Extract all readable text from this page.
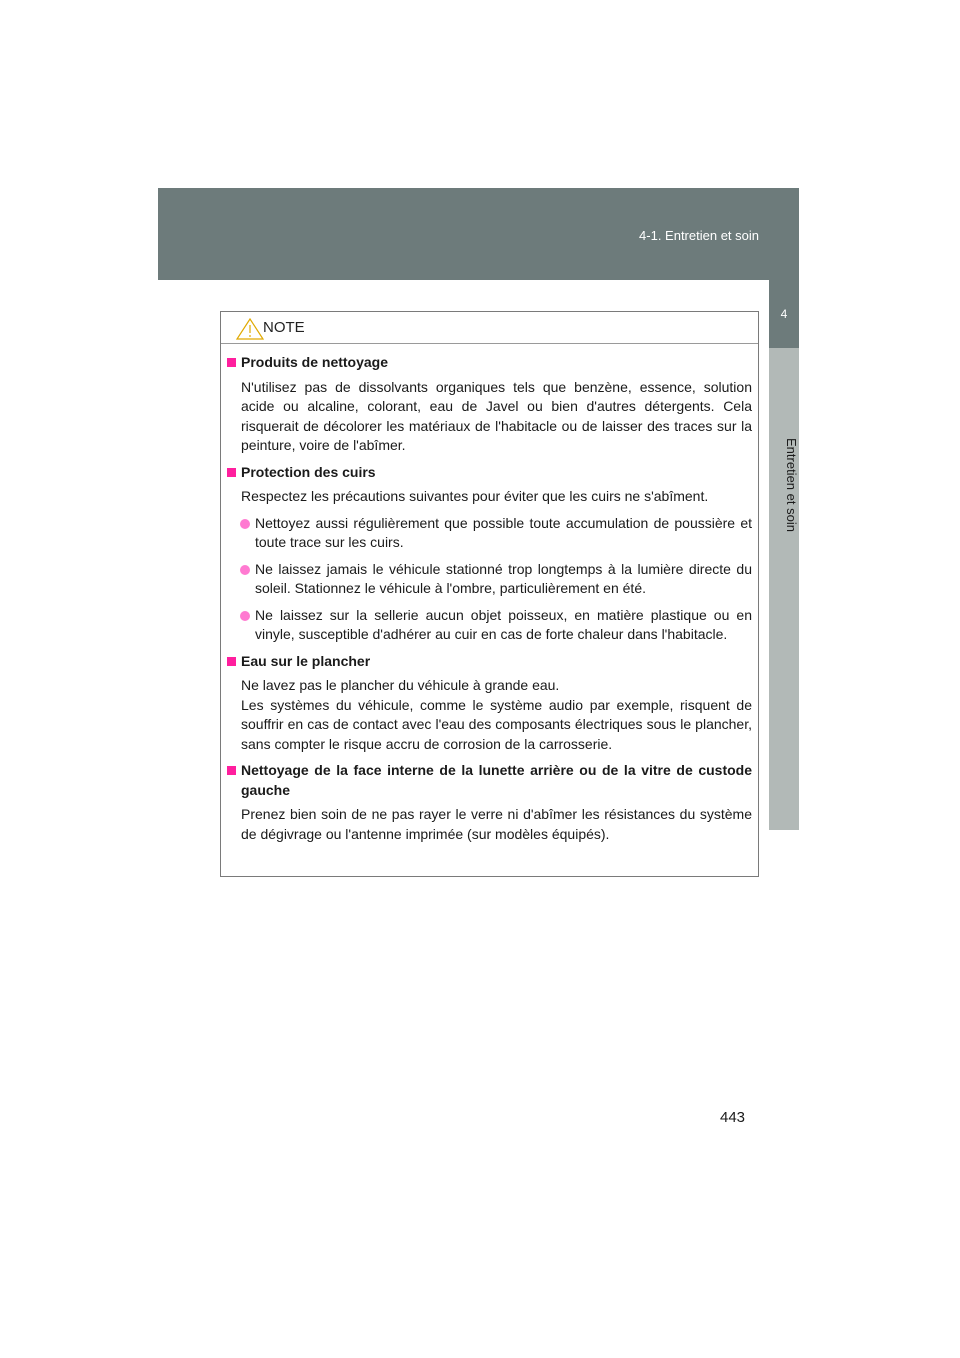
4-1. Entretien et soin
4
Entretien et soin
NOTE
Produits de nettoyage

N'utilisez pas de dissolvants organiques tels que benzène, essence, solution acide ou alcaline, colorant, eau de Javel ou bien d'autres détergents. Cela risquerait de décolorer les matériaux de l'habitacle ou de laisser des traces sur la peinture, voire de l'abîmer.

Protection des cuirs

Respectez les précautions suivantes pour éviter que les cuirs ne s'abîment.

Nettoyez aussi régulièrement que possible toute accumulation de poussière et toute trace sur les cuirs.
Ne laissez jamais le véhicule stationné trop longtemps à la lumière directe du soleil. Stationnez le véhicule à l'ombre, particulièrement en été.
Ne laissez sur la sellerie aucun objet poisseux, en matière plastique ou en vinyle, susceptible d'adhérer au cuir en cas de forte chaleur dans l'habitacle.
Eau sur le plancher

Ne lavez pas le plancher du véhicule à grande eau.

Les systèmes du véhicule, comme le système audio par exemple, risquent de souffrir en cas de contact avec l'eau des composants électriques sous le plancher, sans compter le risque accru de corrosion de la carrosserie.

Nettoyage de la face interne de la lunette arrière ou de la vitre de custode gauche

Prenez bien soin de ne pas rayer le verre ni d'abîmer les résistances du système de dégivrage ou l'antenne imprimée (sur modèles équipés).

443
